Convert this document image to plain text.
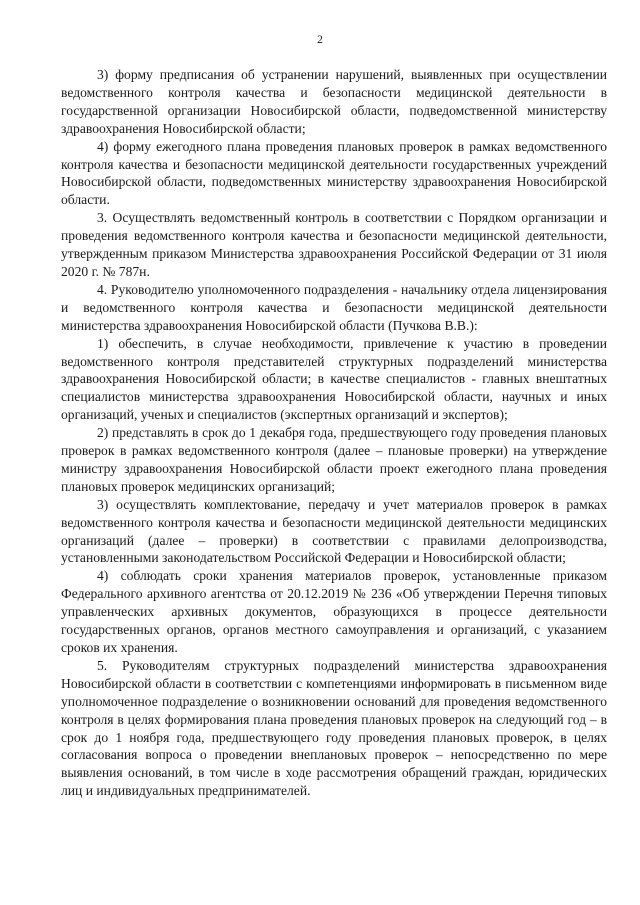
2

3) форму предписания об устранении нарушений, выявленных при осуществлении ведомственного контроля качества и безопасности медицинской деятельности в государственной организации Новосибирской области, подведомственной министерству здравоохранения Новосибирской области;

4) форму ежегодного плана проведения плановых проверок в рамках ведомственного контроля качества и безопасности медицинской деятельности государственных учреждений Новосибирской области, подведомственных министерству здравоохранения Новосибирской области.

3. Осуществлять ведомственный контроль в соответствии с Порядком организации и проведения ведомственного контроля качества и безопасности медицинской деятельности, утвержденным приказом Министерства здравоохранения Российской Федерации от 31 июля 2020 г. № 787н.

4. Руководителю уполномоченного подразделения - начальнику отдела лицензирования и ведомственного контроля качества и безопасности медицинской деятельности министерства здравоохранения Новосибирской области (Пучкова В.В.):

1) обеспечить, в случае необходимости, привлечение к участию в проведении ведомственного контроля представителей структурных подразделений министерства здравоохранения Новосибирской области; в качестве специалистов - главных внештатных специалистов министерства здравоохранения Новосибирской области, научных и иных организаций, ученых и специалистов (экспертных организаций и экспертов);

2) представлять в срок до 1 декабря года, предшествующего году проведения плановых проверок в рамках ведомственного контроля (далее – плановые проверки) на утверждение министру здравоохранения Новосибирской области проект ежегодного плана проведения плановых проверок медицинских организаций;

3) осуществлять комплектование, передачу и учет материалов проверок в рамках ведомственного контроля качества и безопасности медицинской деятельности медицинских организаций (далее – проверки) в соответствии с правилами делопроизводства, установленными законодательством Российской Федерации и Новосибирской области;

4) соблюдать сроки хранения материалов проверок, установленные приказом Федерального архивного агентства от 20.12.2019 № 236 «Об утверждении Перечня типовых управленческих архивных документов, образующихся в процессе деятельности государственных органов, органов местного самоуправления и организаций, с указанием сроков их хранения.

5. Руководителям структурных подразделений министерства здравоохранения Новосибирской области в соответствии с компетенциями информировать в письменном виде уполномоченное подразделение о возникновении оснований для проведения ведомственного контроля в целях формирования плана проведения плановых проверок на следующий год – в срок до 1 ноября года, предшествующего году проведения плановых проверок, в целях согласования вопроса о проведении внеплановых проверок – непосредственно по мере выявления оснований, в том числе в ходе рассмотрения обращений граждан, юридических лиц и индивидуальных предпринимателей.
